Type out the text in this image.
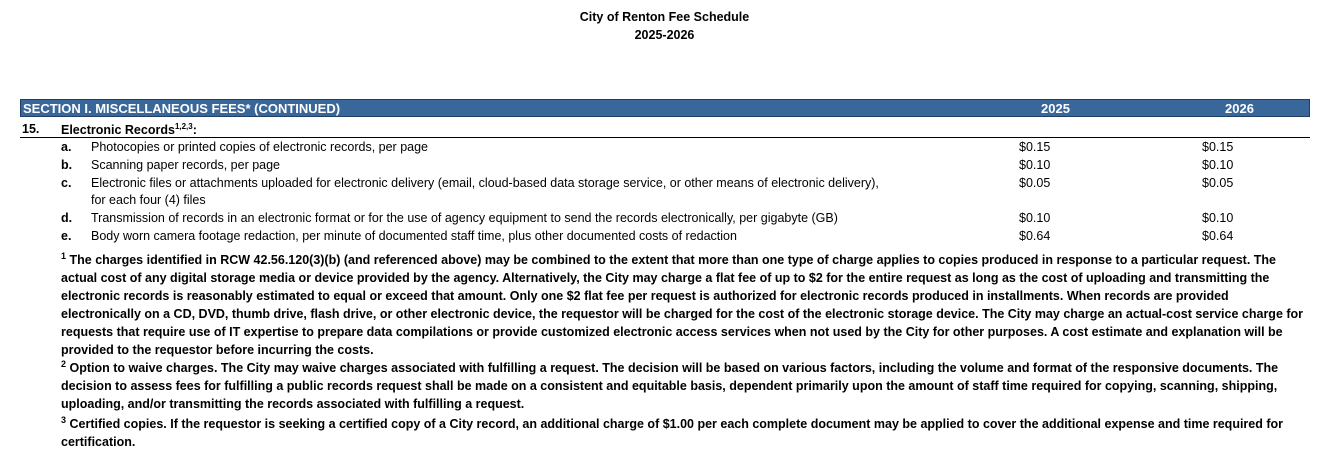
City of Renton Fee Schedule
2025-2026
SECTION I. MISCELLANEOUS FEES* (CONTINUED)	2025	2026
15. Electronic Records$^{1,2,3}$:
a. Photocopies or printed copies of electronic records, per page	$0.15	$0.15
b. Scanning paper records, per page	$0.10	$0.10
c. Electronic files or attachments uploaded for electronic delivery (email, cloud-based data storage service, or other means of electronic delivery),	$0.05	$0.05
for each four (4) files
d. Transmission of records in an electronic format or for the use of agency equipment to send the records electronically, per gigabyte (GB)	$0.10	$0.10
e. Body worn camera footage redaction, per minute of documented staff time, plus other documented costs of redaction	$0.64	$0.64
$^1$ The charges identified in RCW 42.56.120(3)(b) (and referenced above) may be combined to the extent that more than one type of charge applies to copies produced in response to a particular request. The actual cost of any digital storage media or device provided by the agency. Alternatively, the City may charge a flat fee of up to $2 for the entire request as long as the cost of uploading and transmitting the electronic records is reasonably estimated to equal or exceed that amount. Only one $2 flat fee per request is authorized for electronic records produced in installments. When records are provided electronically on a CD, DVD, thumb drive, flash drive, or other electronic device, the requestor will be charged for the cost of the electronic storage device. The City may charge an actual-cost service charge for requests that require use of IT expertise to prepare data compilations or provide customized electronic access services when not used by the City for other purposes. A cost estimate and explanation will be provided to the requestor before incurring the costs.
$^2$ Option to waive charges. The City may waive charges associated with fulfilling a request. The decision will be based on various factors, including the volume and format of the responsive documents. The decision to assess fees for fulfilling a public records request shall be made on a consistent and equitable basis, dependent primarily upon the amount of staff time required for copying, scanning, shipping, uploading, and/or transmitting the records associated with fulfilling a request.
$^3$ Certified copies. If the requestor is seeking a certified copy of a City record, an additional charge of $1.00 per each complete document may be applied to cover the additional expense and time required for certification.
